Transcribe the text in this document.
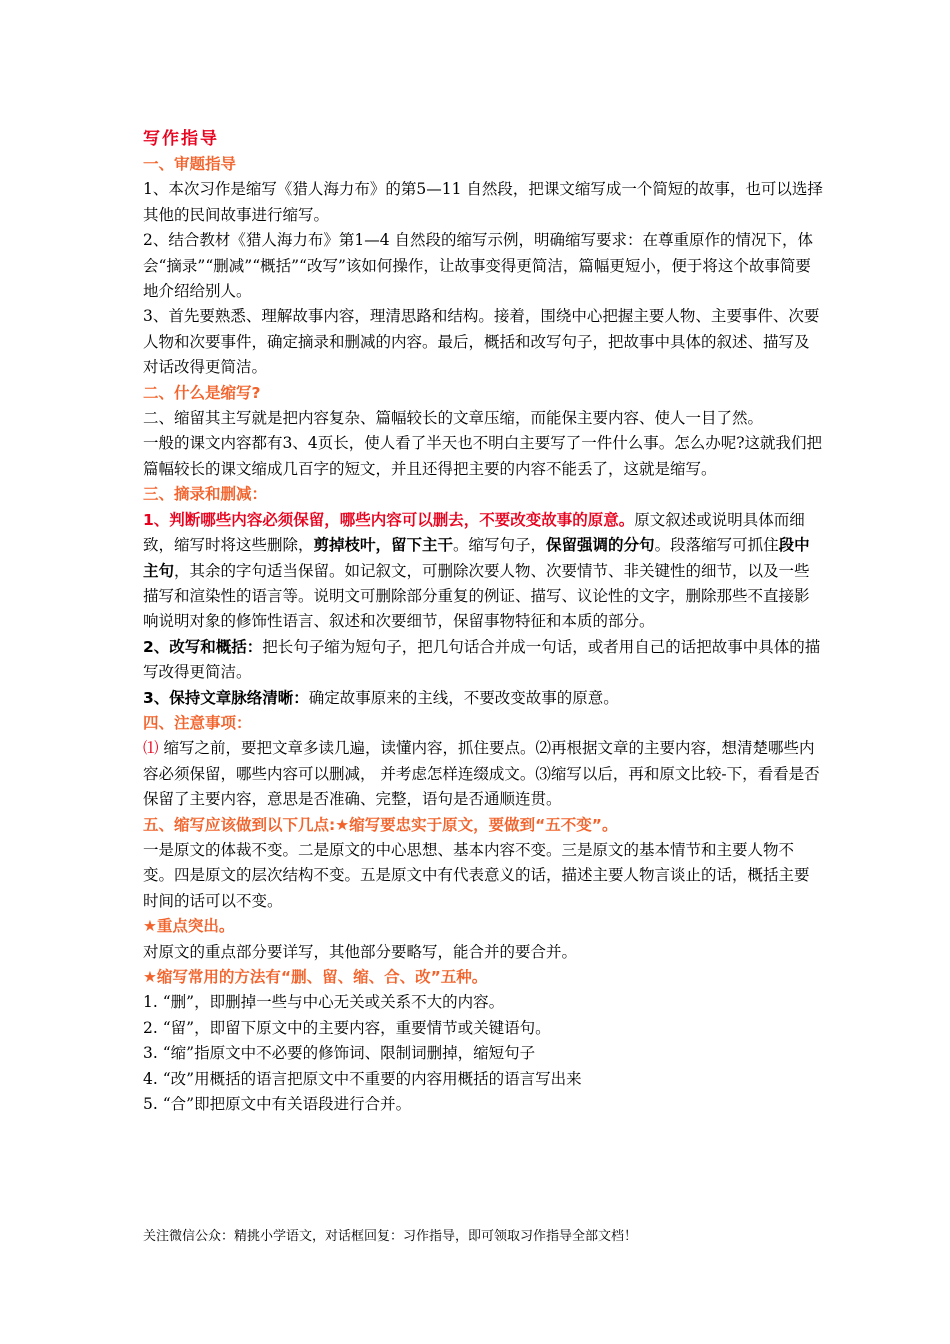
写作指导

一、审题指导

1、本次习作是缩写《猎人海力布》的第5—11 自然段，把课文缩写成一个简短的故事，也可以选择其他的民间故事进行缩写。

2、结合教材《猎人海力布》第1—4 自然段的缩写示例，明确缩写要求：在尊重原作的情况下，体会“摘录”“删减”“概括”“改写”该如何操作，让故事变得更简洁，篇幅更短小，便于将这个故事简要地介绍给别人。

3、首先要熟悉、理解故事内容，理清思路和结构。接着，围绕中心把握主要人物、主要事件、次要人物和次要事件，确定摘录和删减的内容。最后，概括和改写句子，把故事中具体的叙述、描写及对话改得更简洁。

二、什么是缩写?

二、缩留其主写就是把内容复杂、篇幅较长的文章压缩，而能保主要内容、使人一目了然。

一般的课文内容都有3、4页长，使人看了半天也不明白主要写了一件什么事。怎么办呢?这就我们把篇幅较长的课文缩成几百字的短文，并且还得把主要的内容不能丢了，这就是缩写。

三、摘录和删减：

1、判断哪些内容必须保留，哪些内容可以删去，不要改变故事的原意。原文叙述或说明具体而细致，缩写时将这些删除，剪掉枝叶，留下主干。缩写句子，保留强调的分句。段落缩写可抓住段中主句，其余的字句适当保留。如记叙文，可删除次要人物、次要情节、非关键性的细节，以及一些描写和渲染性的语言等。说明文可删除部分重复的例证、描写、议论性的文字，删除那些不直接影响说明对象的修饰性语言、叙述和次要细节，保留事物特征和本质的部分。

2、改写和概括：把长句子缩为短句子，把几句话合并成一句话，或者用自己的话把故事中具体的描写改得更简洁。

3、保持文章脉络清晰：确定故事原来的主线，不要改变故事的原意。

四、注意事项：

⑴ 缩写之前，要把文章多读几遍，读懂内容，抓住要点。⑵再根据文章的主要内容，想清楚哪些内容必须保留，哪些内容可以删减， 并考虑怎样连缀成文。⑶缩写以后，再和原文比较-下，看看是否保留了主要内容，意思是否准确、完整，语句是否通顺连贯。

五、缩写应该做到以下几点:★缩写要忠实于原文，要做到“五不变”。

一是原文的体裁不变。二是原文的中心思想、基本内容不变。三是原文的基本情节和主要人物不变。四是原文的层次结构不变。五是原文中有代表意义的话，描述主要人物言谈止的话，概括主要时间的话可以不变。

★重点突出。

对原文的重点部分要详写，其他部分要略写，能合并的要合并。

★缩写常用的方法有“删、留、缩、合、改”五种。

1. “删”，即删掉一些与中心无关或关系不大的内容。

2. “留”，即留下原文中的主要内容，重要情节或关键语句。

3. “缩”指原文中不必要的修饰词、限制词删掉，缩短句子

4. “改”用概括的语言把原文中不重要的内容用概括的语言写出来

5. “合”即把原文中有关语段进行合并。

关注微信公众：精挑小学语文，对话框回复：习作指导，即可领取习作指导全部文档！
